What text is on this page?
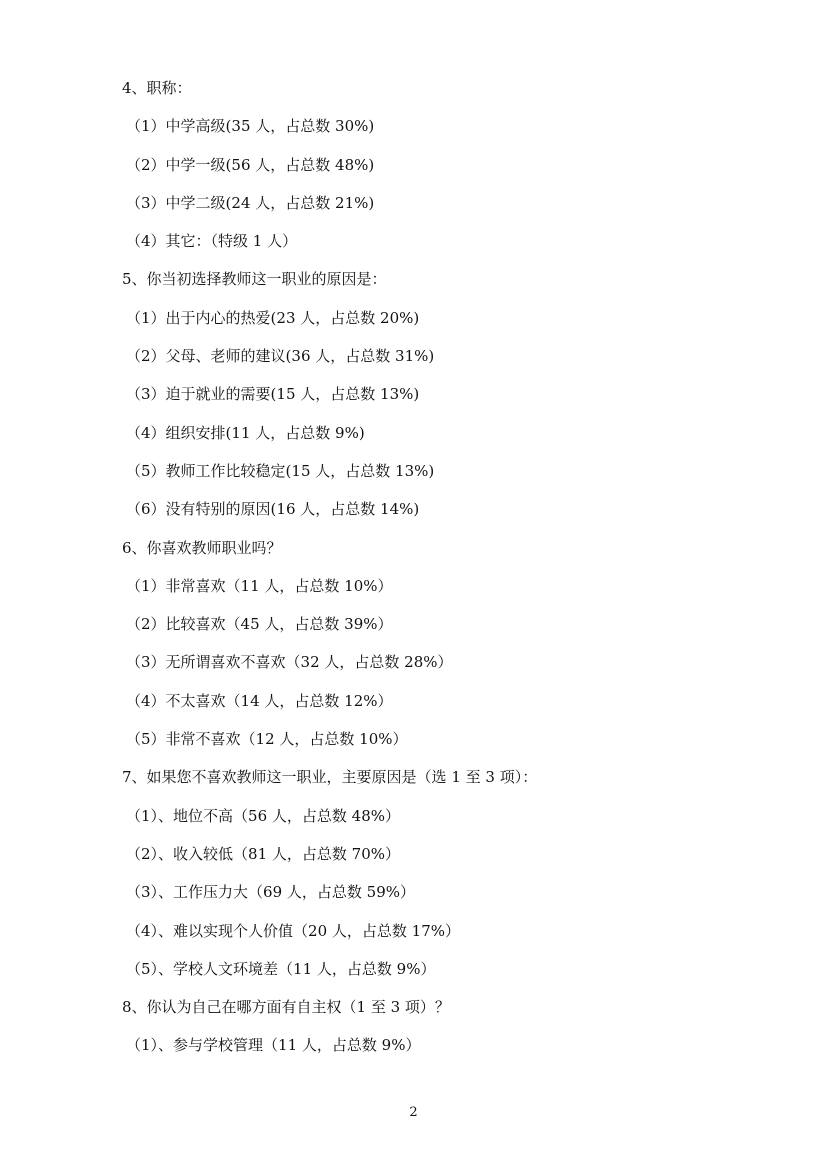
4、职称：
（1）中学高级(35 人，占总数 30%)
（2）中学一级(56 人，占总数 48%)
（3）中学二级(24 人，占总数 21%)
（4）其它：（特级 1 人）
5、你当初选择教师这一职业的原因是：
（1）出于内心的热爱(23 人，占总数 20%)
（2）父母、老师的建议(36 人，占总数 31%)
（3）迫于就业的需要(15 人，占总数 13%)
（4）组织安排(11 人，占总数 9%)
（5）教师工作比较稳定(15 人，占总数 13%)
（6）没有特别的原因(16 人，占总数 14%)
6、你喜欢教师职业吗？
（1）非常喜欢（11 人，占总数 10%）
（2）比较喜欢（45 人，占总数 39%）
（3）无所谓喜欢不喜欢（32 人，占总数 28%）
（4）不太喜欢（14 人，占总数 12%）
（5）非常不喜欢（12 人，占总数 10%）
7、如果您不喜欢教师这一职业，主要原因是（选 1 至 3 项）：
（1）、地位不高（56 人，占总数 48%）
（2）、收入较低（81 人，占总数 70%）
（3）、工作压力大（69 人，占总数 59%）
（4）、难以实现个人价值（20 人，占总数 17%）
（5）、学校人文环境差（11 人，占总数 9%）
8、你认为自己在哪方面有自主权（1 至 3 项）？
（1）、参与学校管理（11 人，占总数 9%）
2
